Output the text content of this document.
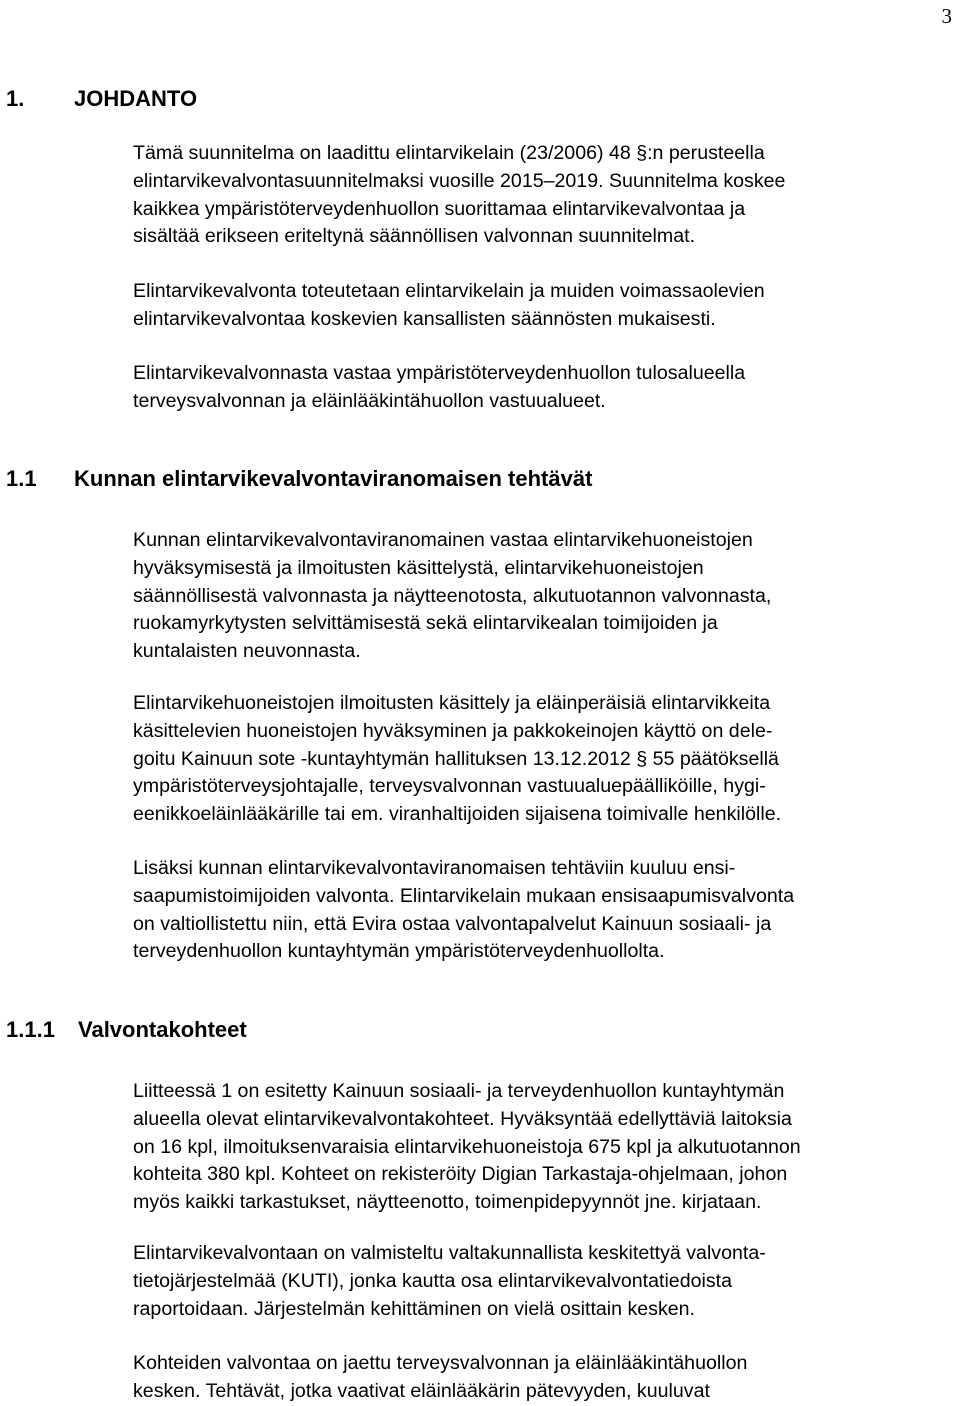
3
1. JOHDANTO

Tämä suunnitelma on laadittu elintarvikelain (23/2006) 48 §:n perusteella
elintarvikevalvontasuunnitelmaksi vuosille 2015–2019. Suunnitelma koskee
kaikkea ympäristöterveydenhuollon suorittamaa elintarvikevalvontaa ja
sisältää erikseen eriteltynä säännöllisen valvonnan suunnitelmat.

Elintarvikevalvonta toteutetaan elintarvikelain ja muiden voimassaolevien
elintarvikevalvontaa koskevien kansallisten säännösten mukaisesti.

Elintarvikevalvonnasta vastaa ympäristöterveydenhuollon tulosalueella
terveysvalvonnan ja eläinlääkintähuollon vastuualueet.

1.1 Kunnan elintarvikevalvontaviranomaisen tehtävät

Kunnan elintarvikevalvontaviranomainen vastaa elintarvikehuoneistojen
hyväksymisestä ja ilmoitusten käsittelystä, elintarvikehuoneistojen
säännöllisestä valvonnasta ja näytteenotosta, alkutuotannon valvonnasta,
ruokamyrkytysten selvittämisestä sekä elintarvikealan toimijoiden ja
kuntalaisten neuvonnasta.

Elintarvikehuoneistojen ilmoitusten käsittely ja eläinperäisiä elintarvikkeita
käsittelevien huoneistojen hyväksyminen ja pakkokeinojen käyttö on dele-
goitu Kainuun sote -kuntayhtymän hallituksen 13.12.2012 § 55 päätöksellä
ympäristöterveysjohtajalle, terveysvalvonnan vastuualuepäälliköille, hygi-
eenikkoeläinlääkärille tai em. viranhaltijoiden sijaisena toimivalle henkilölle.

Lisäksi kunnan elintarvikevalvontaviranomaisen tehtäviin kuuluu ensi-
saapumistoimijoiden valvonta. Elintarvikelain mukaan ensisaapumisvalvonta
on valtiollistettu niin, että Evira ostaa valvontapalvelut Kainuun sosiaali- ja
terveydenhuollon kuntayhtymän ympäristöterveydenhuollolta.

1.1.1 Valvontakohteet

Liitteessä 1 on esitetty Kainuun sosiaali- ja terveydenhuollon kuntayhtymän
alueella olevat elintarvikevalvontakohteet. Hyväksyntää edellyttäviä laitoksia
on 16 kpl, ilmoituksenvaraisia elintarvikehuoneistoja 675 kpl ja alkutuotannon
kohteita 380 kpl. Kohteet on rekisteröity Digian Tarkastaja-ohjelmaan, johon
myös kaikki tarkastukset, näytteenotto, toimenpidepyynnöt jne. kirjataan.

Elintarvikevalvontaan on valmisteltu valtakunnallista keskitettyä valvonta-
tietojärjestelmää (KUTI), jonka kautta osa elintarvikevalvontatiedoista
raportoidaan. Järjestelmän kehittäminen on vielä osittain kesken.

Kohteiden valvontaa on jaettu terveysvalvonnan ja eläinlääkintähuollon
kesken. Tehtävät, jotka vaativat eläinlääkärin pätevyyden, kuuluvat
